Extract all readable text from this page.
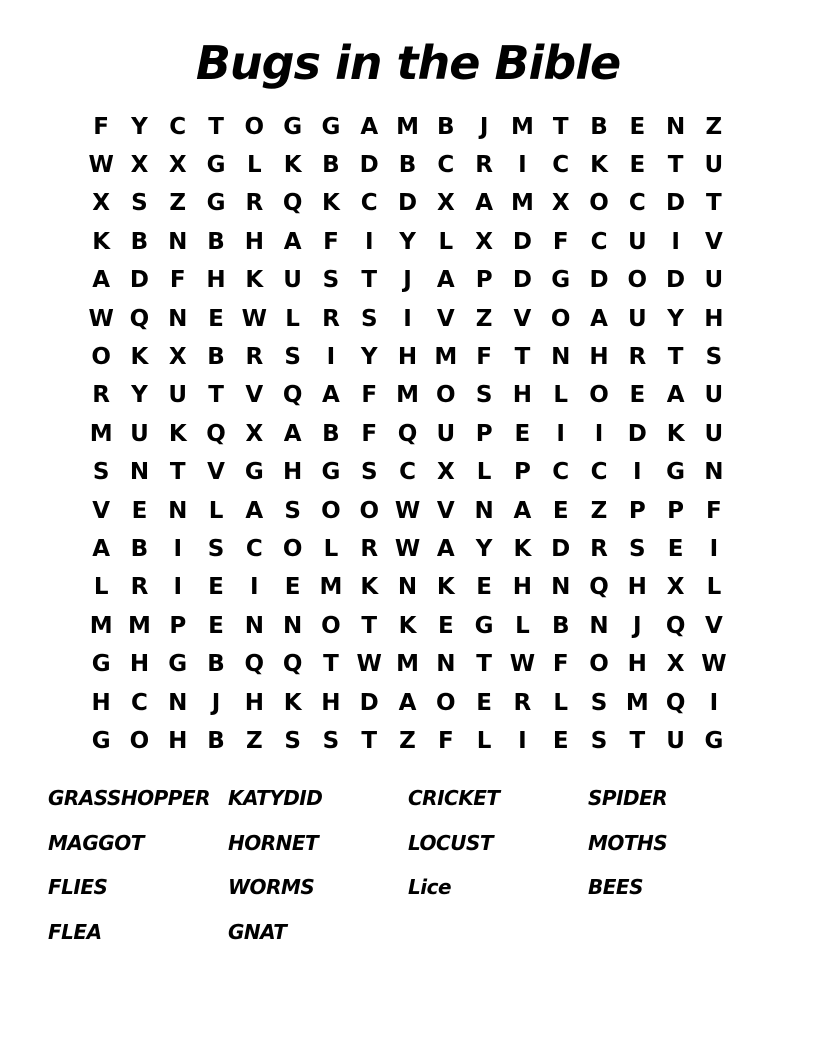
Bugs in the Bible
F Y C T O G G A M B	J M T B E N Z
W X X G L K B D B C R	I	C K E T U
X S Z G R Q K C D X A M X O C D T
K B N B H A F	I	Y L X D F C U	I	V
A D F H K U S T	J	A P D G D O D U
W Q N E W L R S	I	V Z V O A U Y H
O K X B R S	I	Y H M F T N H R T S
R Y U T V Q A F M O S H L O E A U
M U K Q X A B F Q U P E	I	I	D K U
S N T V G H G S C X L P C C	I	G N
V E N L A S O O W V N A E Z P P F
A B	I	S C O L R W A Y K D R S E	I
L R	I	E	I	E M K N K E H N Q H X L
M M P E N N O T K E G L B N	J	Q V
G H G B Q Q T W M N T W F O H X W
H C N	J	H K H D A O E R L S M Q	I
G O H B Z S S T Z F	L	I	E S T U G
GRASSHOPPER KATYDID	CRICKET	SPIDER
MAGGOT	HORNET	LOCUST	MOTHS
FLIES	WORMS	Lice	BEES
FLEA	GNAT
